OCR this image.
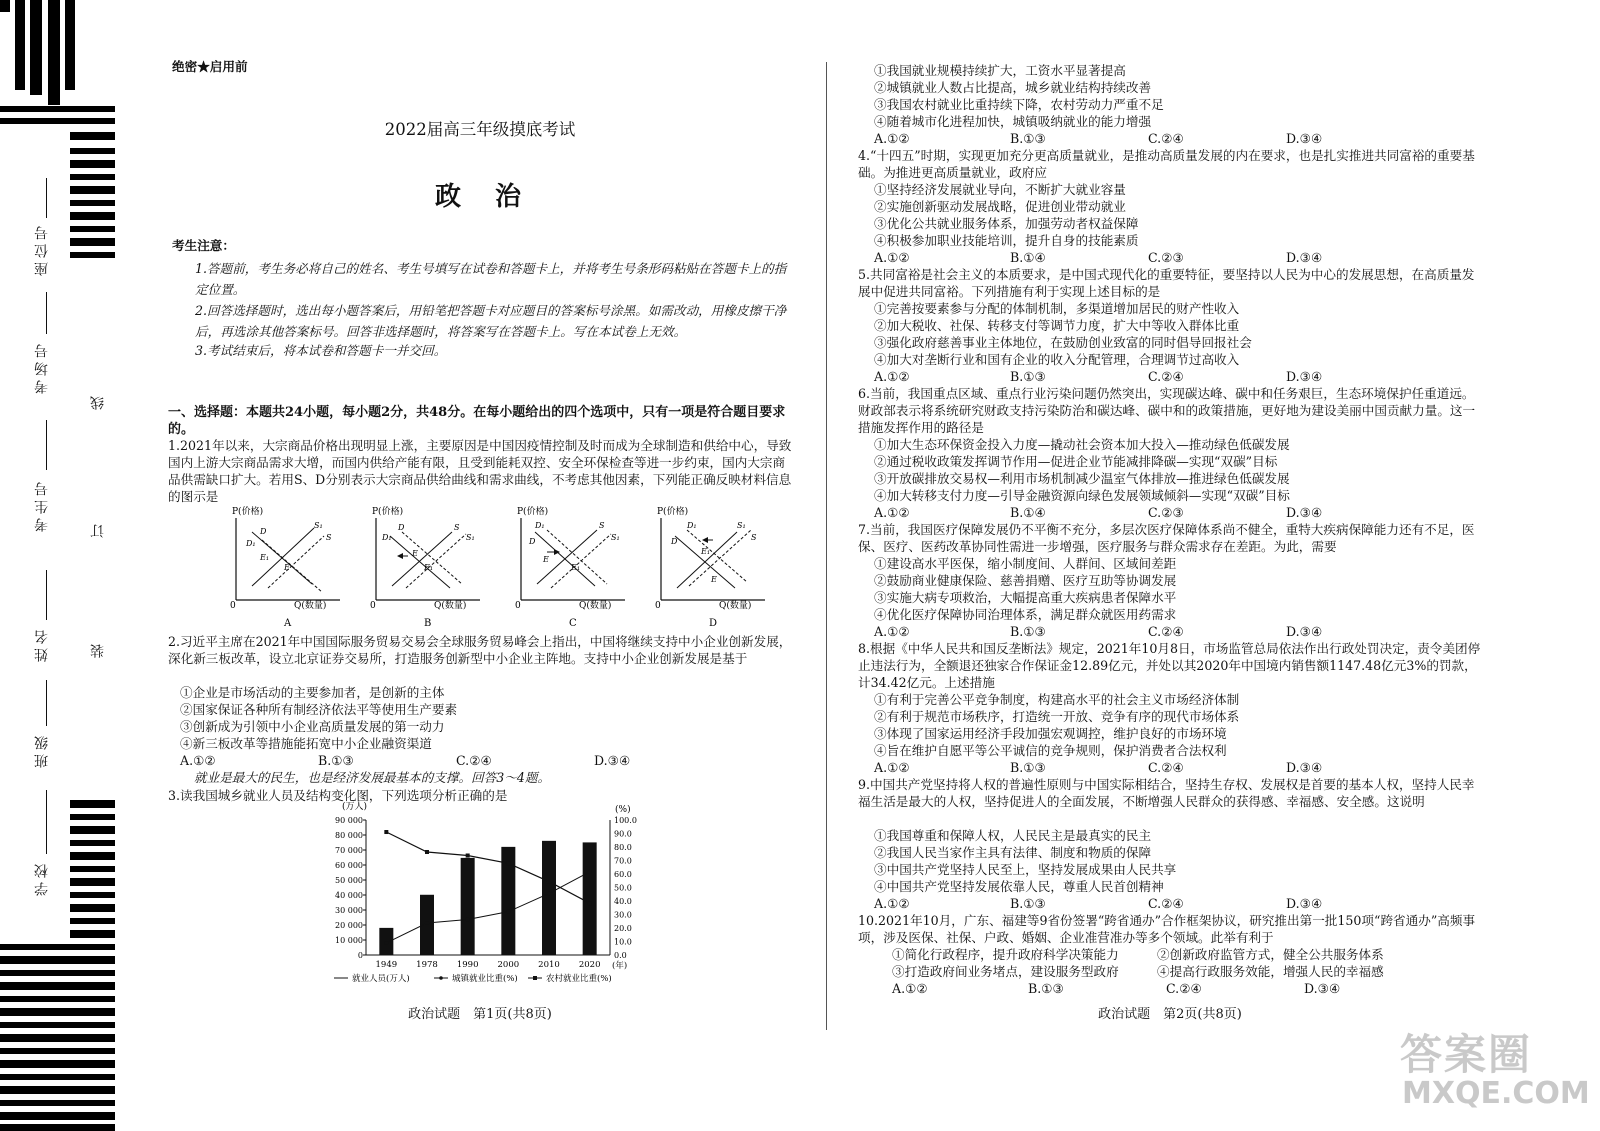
座位号
考场号
考生号
姓名
班级
学校
线
订
装
绝密★启用前
2022届高三年级摸底考试
政　治
考生注意：
1.答题前，考生务必将自己的姓名、考生号填写在试卷和答题卡上，并将考生号条形码粘贴在答题卡上的指定位置。
2.回答选择题时，选出每小题答案后，用铅笔把答题卡对应题目的答案标号涂黑。如需改动，用橡皮擦干净后，再选涂其他答案标号。回答非选择题时，将答案写在答题卡上。写在本试卷上无效。
3.考试结束后，将本试卷和答题卡一并交回。
一、选择题：本题共24小题，每小题2分，共48分。在每小题给出的四个选项中，只有一项是符合题目要求的。
1.2021年以来，大宗商品价格出现明显上涨，主要原因是中国因疫情控制及时而成为全球制造和供给中心，导致国内上游大宗商品需求大增，而国内供给产能有限，且受到能耗双控、安全环保检查等进一步约束，国内大宗商品供需缺口扩大。若用S、D分别表示大宗商品供给曲线和需求曲线，不考虑其他因素，下列能正确反映材料信息的图示是
P(价格)
0	Q(数量)
D
D₁
S₁
S
E₁
E
A
P(价格)
0	Q(数量)
D
D₁
S
S₁
E
E₁
B
P(价格)
0	Q(数量)
D₁
D
S
S₁
E
E₁
C
P(价格)
0	Q(数量)
D₁
D
S₁
S
E₁
E
D
2.习近平主席在2021年中国国际服务贸易交易会全球服务贸易峰会上指出，中国将继续支持中小企业创新发展，深化新三板改革，设立北京证券交易所，打造服务创新型中小企业主阵地。支持中小企业创新发展是基于
①企业是市场活动的主要参加者，是创新的主体
②国家保证各种所有制经济依法平等使用生产要素
③创新成为引领中小企业高质量发展的第一动力
④新三板改革等措施能拓宽中小企业融资渠道
A.①②	B.①③	C.②④	D.③④
就业是最大的民生，也是经济发展最基本的支撑。回答3～4题。
3.读我国城乡就业人员及结构变化图，下列选项分析正确的是
(万人)	(%)
0
10 000
20 000
30 000
40 000
50 000
60 000
70 000
80 000
90 000
0.0
10.0
20.0
30.0
40.0
50.0
60.0
70.0
80.0
90.0
100.0
1949 1978 1990 2000 2010 2020 (年)
就业人员(万人)	城镇就业比重(%)	农村就业比重(%)
政治试题　第1页(共8页)
①我国就业规模持续扩大，工资水平显著提高
②城镇就业人数占比提高，城乡就业结构持续改善
③我国农村就业比重持续下降，农村劳动力严重不足
④随着城市化进程加快，城镇吸纳就业的能力增强
A.①②	B.①③	C.②④	D.③④
4.“十四五”时期，实现更加充分更高质量就业，是推动高质量发展的内在要求，也是扎实推进共同富裕的重要基础。为推进更高质量就业，政府应
①坚持经济发展就业导向，不断扩大就业容量
②实施创新驱动发展战略，促进创业带动就业
③优化公共就业服务体系，加强劳动者权益保障
④积极参加职业技能培训，提升自身的技能素质
A.①②	B.①④	C.②③	D.③④
5.共同富裕是社会主义的本质要求，是中国式现代化的重要特征，要坚持以人民为中心的发展思想，在高质量发展中促进共同富裕。下列措施有利于实现上述目标的是
①完善按要素参与分配的体制机制，多渠道增加居民的财产性收入
②加大税收、社保、转移支付等调节力度，扩大中等收入群体比重
③强化政府慈善事业主体地位，在鼓励创业致富的同时倡导回报社会
④加大对垄断行业和国有企业的收入分配管理，合理调节过高收入
A.①②	B.①③	C.②④	D.③④
6.当前，我国重点区域、重点行业污染问题仍然突出，实现碳达峰、碳中和任务艰巨，生态环境保护任重道远。财政部表示将系统研究财政支持污染防治和碳达峰、碳中和的政策措施，更好地为建设美丽中国贡献力量。这一措施发挥作用的路径是
①加大生态环保资金投入力度—撬动社会资本加大投入—推动绿色低碳发展
②通过税收政策发挥调节作用—促进企业节能减排降碳—实现“双碳”目标
③开放碳排放交易权—利用市场机制减少温室气体排放—推进绿色低碳发展
④加大转移支付力度—引导金融资源向绿色发展领域倾斜—实现“双碳”目标
A.①②	B.①④	C.②③	D.③④
7.当前，我国医疗保障发展仍不平衡不充分，多层次医疗保障体系尚不健全，重特大疾病保障能力还有不足，医保、医疗、医药改革协同性需进一步增强，医疗服务与群众需求存在差距。为此，需要
①建设高水平医保，缩小制度间、人群间、区域间差距
②鼓励商业健康保险、慈善捐赠、医疗互助等协调发展
③实施大病专项救治，大幅提高重大疾病患者保障水平
④优化医疗保障协同治理体系，满足群众就医用药需求
A.①②	B.①③	C.②④	D.③④
8.根据《中华人民共和国反垄断法》规定，2021年10月8日，市场监管总局依法作出行政处罚决定，责令美团停止违法行为，全额退还独家合作保证金12.89亿元，并处以其2020年中国境内销售额1147.48亿元3%的罚款，计34.42亿元。上述措施
①有利于完善公平竞争制度，构建高水平的社会主义市场经济体制
②有利于规范市场秩序，打造统一开放、竞争有序的现代市场体系
③体现了国家运用经济手段加强宏观调控，维护良好的市场环境
④旨在维护自愿平等公平诚信的竞争规则，保护消费者合法权利
A.①②	B.①③	C.②④	D.③④
9.中国共产党坚持将人权的普遍性原则与中国实际相结合，坚持生存权、发展权是首要的基本人权，坚持人民幸福生活是最大的人权，坚持促进人的全面发展，不断增强人民群众的获得感、幸福感、安全感。这说明
①我国尊重和保障人权，人民民主是最真实的民主
②我国人民当家作主具有法律、制度和物质的保障
③中国共产党坚持人民至上，坚持发展成果由人民共享
④中国共产党坚持发展依靠人民，尊重人民首创精神
A.①②	B.①③	C.②④	D.③④
10.2021年10月，广东、福建等9省份签署“跨省通办”合作框架协议，研究推出第一批150项“跨省通办”高频事项，涉及医保、社保、户政、婚姻、企业准营准办等多个领域。此举有利于
①简化行政程序，提升政府科学决策能力	②创新政府监管方式，健全公共服务体系
③打造政府间业务堵点，建设服务型政府	④提高行政服务效能，增强人民的幸福感
A.①②	B.①③	C.②④	D.③④
政治试题　第2页(共8页)
答案圈
MXQE.COM
